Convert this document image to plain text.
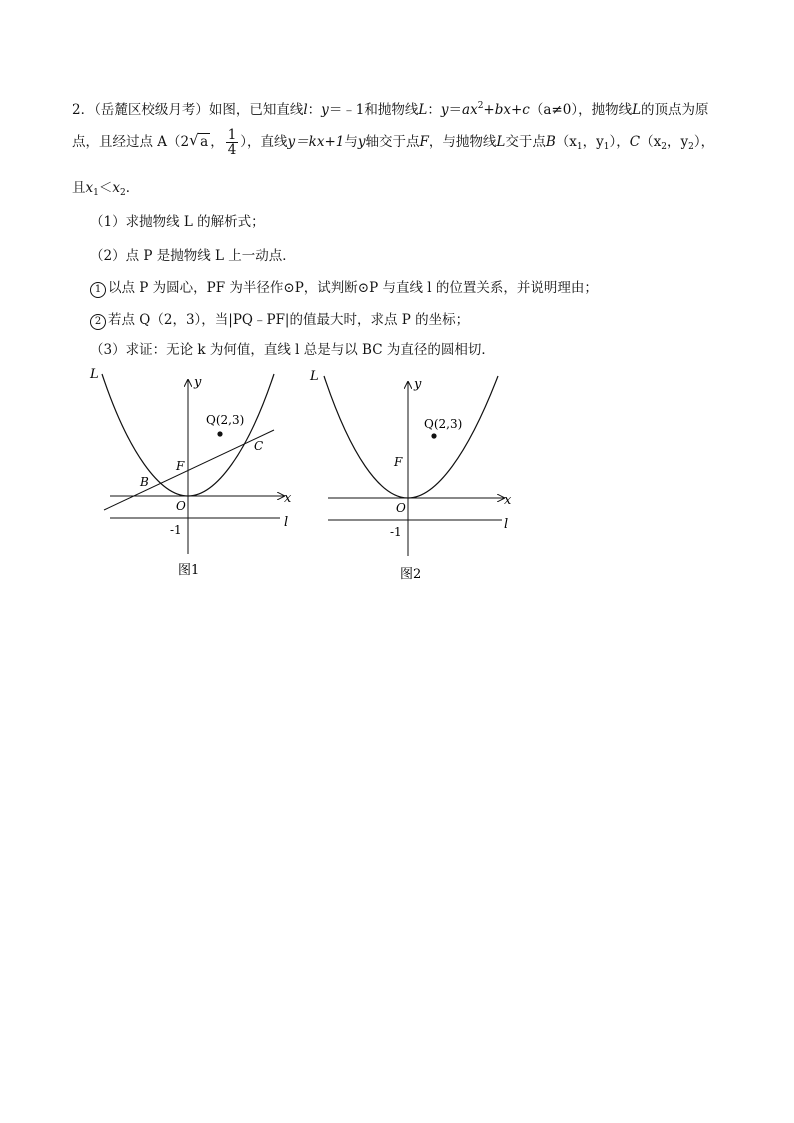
2．（岳麓区校级月考）如图，已知直线l：y＝﹣1和抛物线L：$y=ax^2+bx+c(a\ne 0)$，抛物线L的顶点为原
点，且经过点 A（2 √ a ， $\frac{1}{4}$ ），直线y＝kx+1与y轴交于点F，与抛物线L交于点$B(x_1$，$y_1$），$C(x_2$，$y_2$），
且$x_1<x_2$．
（1）求抛物线 L 的解析式；
（2）点 P 是抛物线 L 上一动点．
1 以点 P 为圆心，PF 为半径作⊙P，试判断⊙P 与直线 l 的位置关系，并说明理由；
2 若点 Q（2，3），当|PQ﹣PF|的值最大时，求点 P 的坐标；
（3）求证：无论 k 为何值，直线 l 总是与以 BC 为直径的圆相切．
L
y
x
l
O
-1
F
B
C
Q(2,3)
图1
L
y
x
l
O
-1
F
Q(2,3)
图2
